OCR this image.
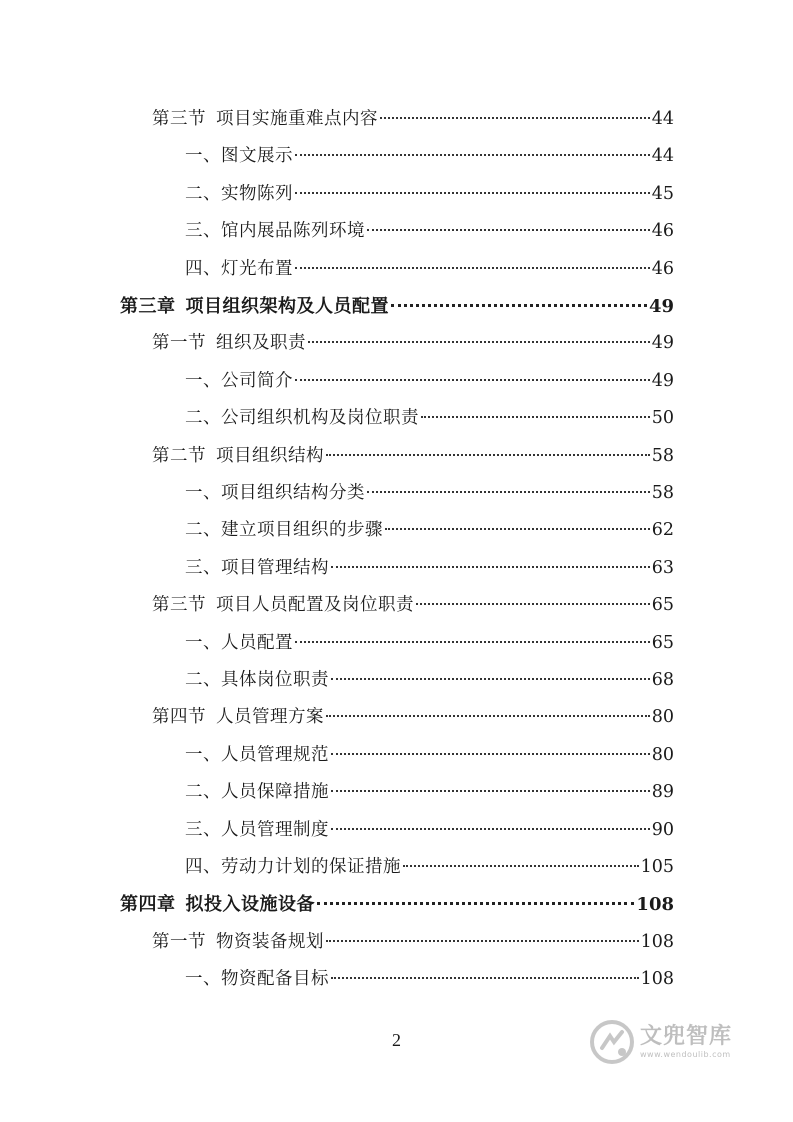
第三节 项目实施重难点内容	44
一、图文展示	44
二、实物陈列	45
三、馆内展品陈列环境	46
四、灯光布置	46
第三章 项目组织架构及人员配置	49
第一节 组织及职责	49
一、公司简介	49
二、公司组织机构及岗位职责	50
第二节 项目组织结构	58
一、项目组织结构分类	58
二、建立项目组织的步骤	62
三、项目管理结构	63
第三节 项目人员配置及岗位职责	65
一、人员配置	65
二、具体岗位职责	68
第四节 人员管理方案	80
一、人员管理规范	80
二、人员保障措施	89
三、人员管理制度	90
四、劳动力计划的保证措施	105
第四章 拟投入设施设备	108
第一节 物资装备规划	108
一、物资配备目标	108
2	文兜智库
www.wendoulib.com
